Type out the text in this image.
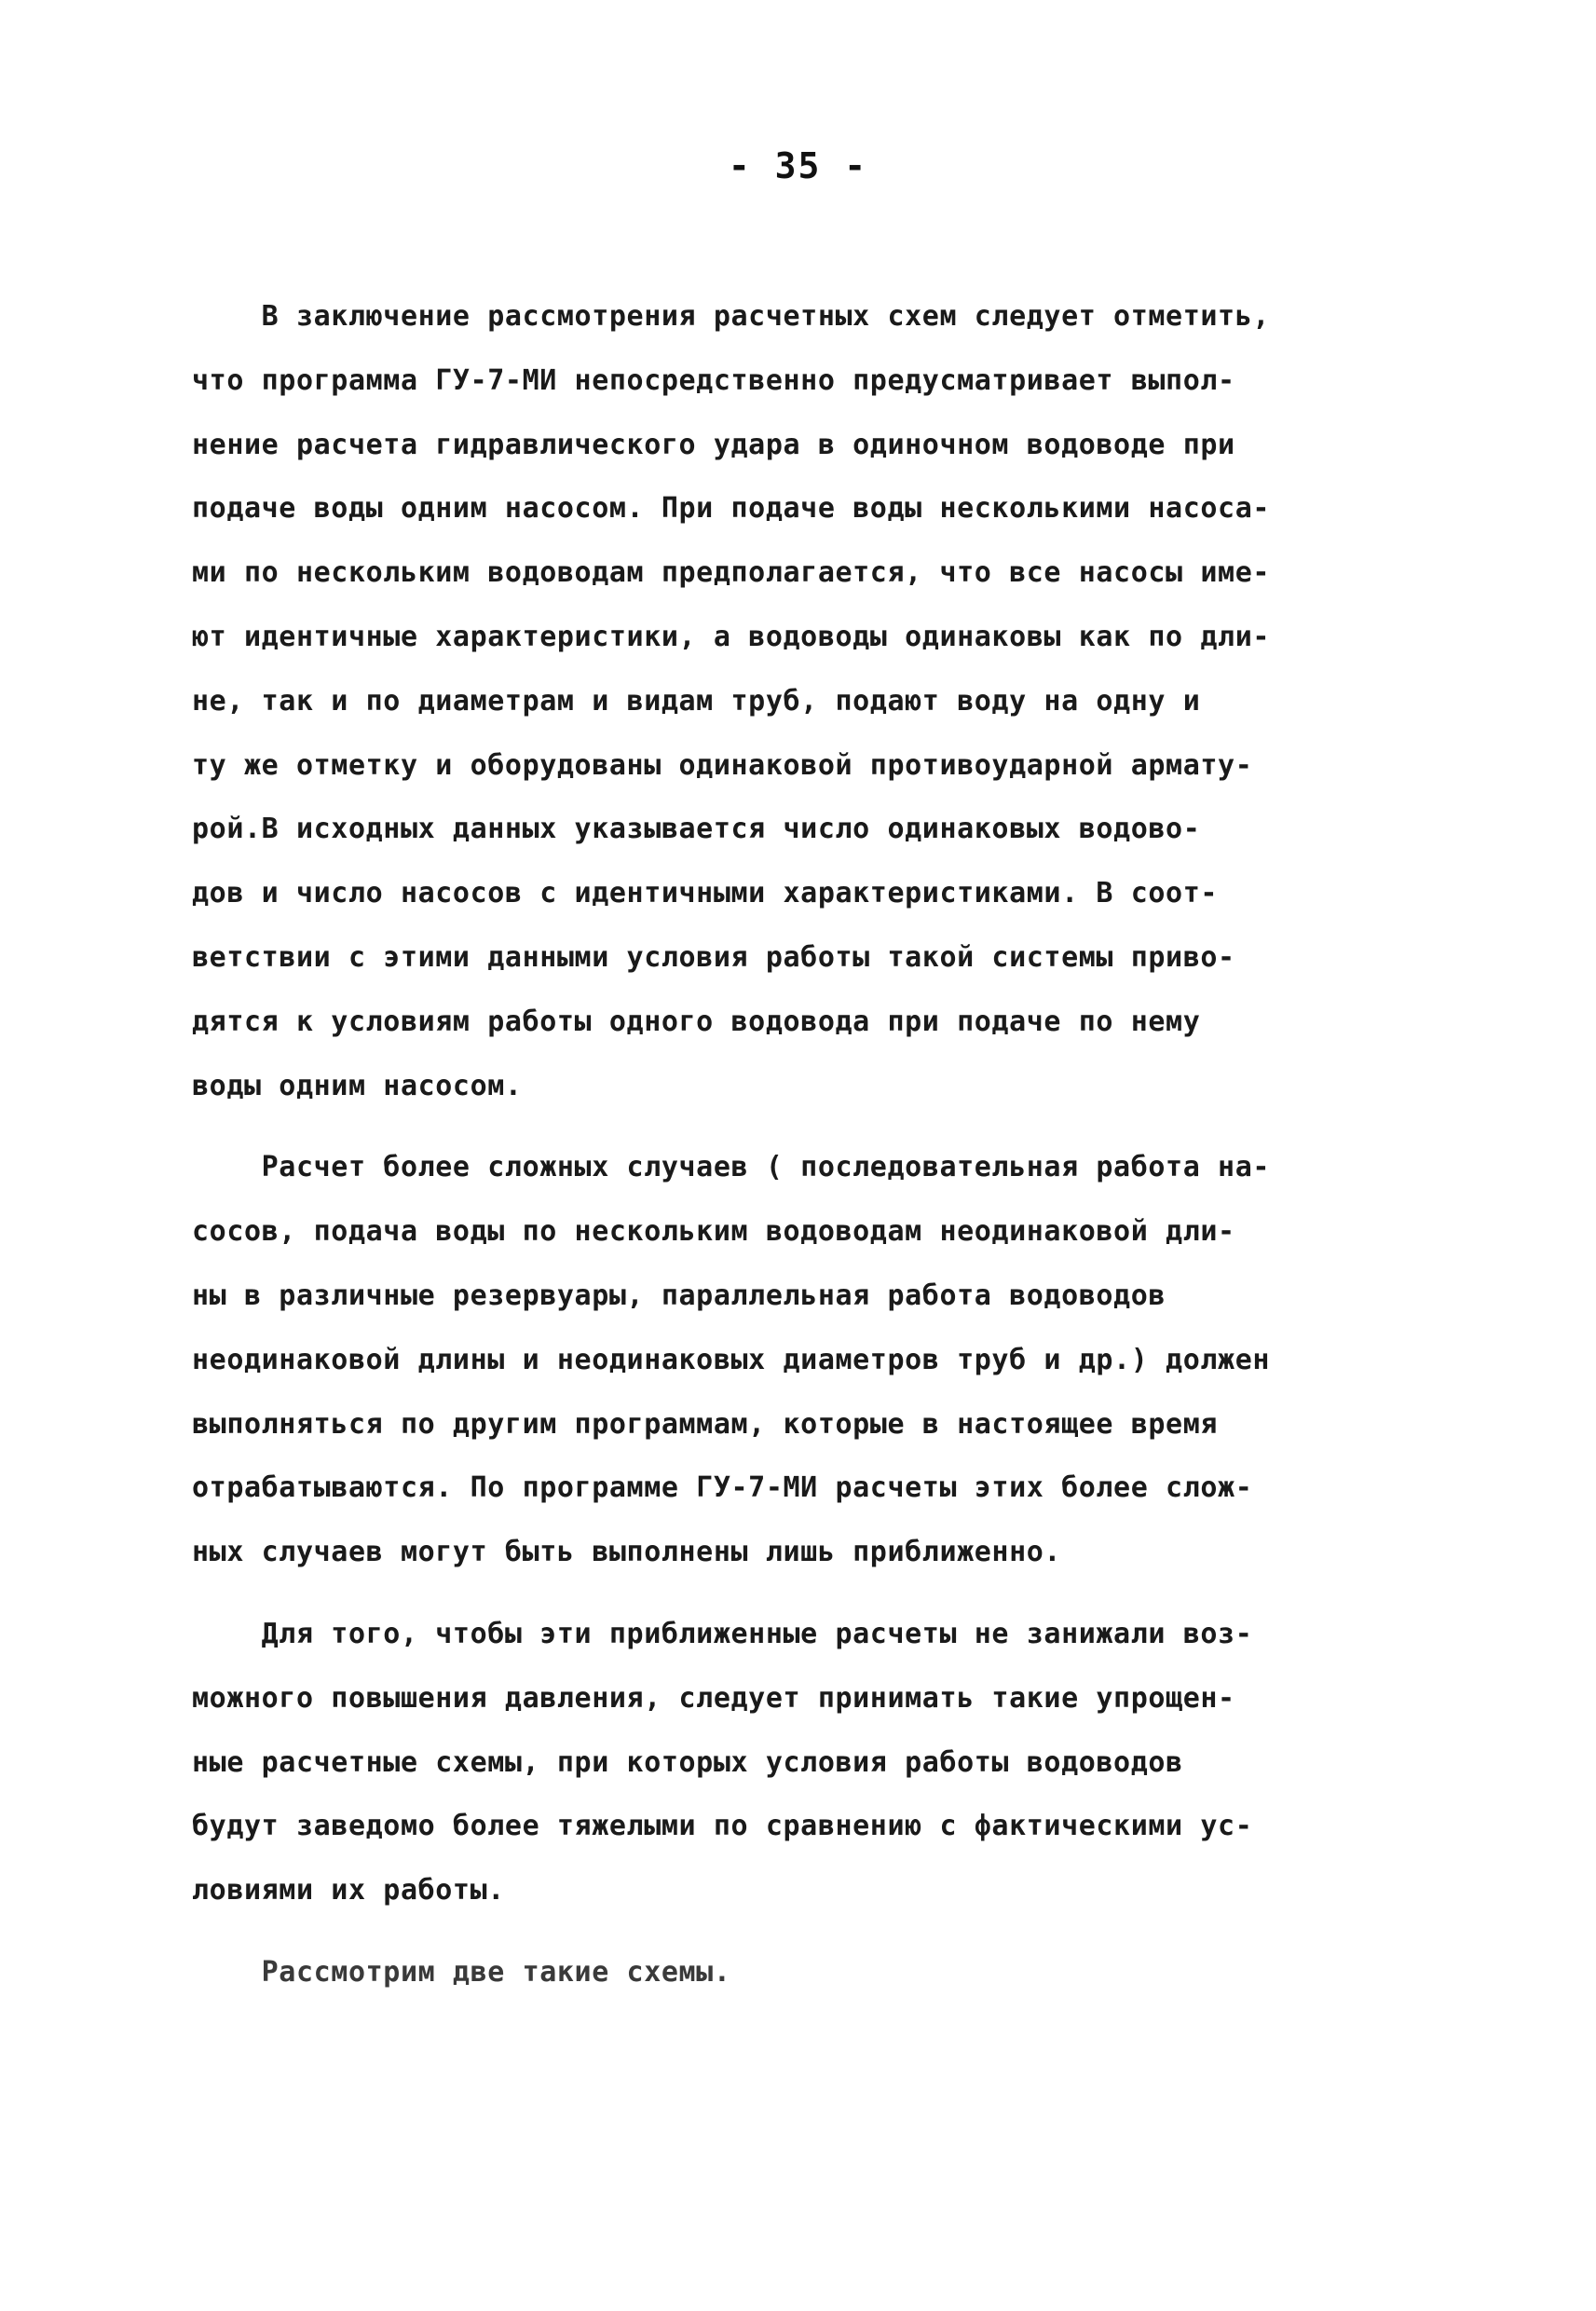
- 35 -
В заключение рассмотрения расчетных схем следует отметить,
что программа ГУ-7-МИ непосредственно предусматривает выпол-
нение расчета гидравлического удара в одиночном водоводе при
подаче воды одним насосом. При подаче воды несколькими насоса-
ми по нескольким водоводам предполагается, что все насосы име-
ют идентичные характеристики, а водоводы одинаковы как по дли-
не, так и по диаметрам и видам труб, подают воду на одну и
ту же отметку и оборудованы одинаковой противоударной армату-
рой.В исходных данных указывается число одинаковых водово-
дов и число насосов с идентичными характеристиками. В соот-
ветствии с этими данными условия работы такой системы приво-
дятся к условиям работы одного водовода при подаче по нему
воды одним насосом.
Расчет более сложных случаев ( последовательная работа на-
сосов, подача воды по нескольким водоводам неодинаковой дли-
ны в различные резервуары, параллельная работа водоводов
неодинаковой длины и неодинаковых диаметров труб и др.) должен
выполняться по другим программам, которые в настоящее время
отрабатываются. По программе ГУ-7-МИ расчеты этих более слож-
ных случаев могут быть выполнены лишь приближенно.
Для того, чтобы эти приближенные расчеты не занижали воз-
можного повышения давления, следует принимать такие упрощен-
ные расчетные схемы, при которых условия работы водоводов
будут заведомо более тяжелыми по сравнению с фактическими ус-
ловиями их работы.
Рассмотрим две такие схемы.
